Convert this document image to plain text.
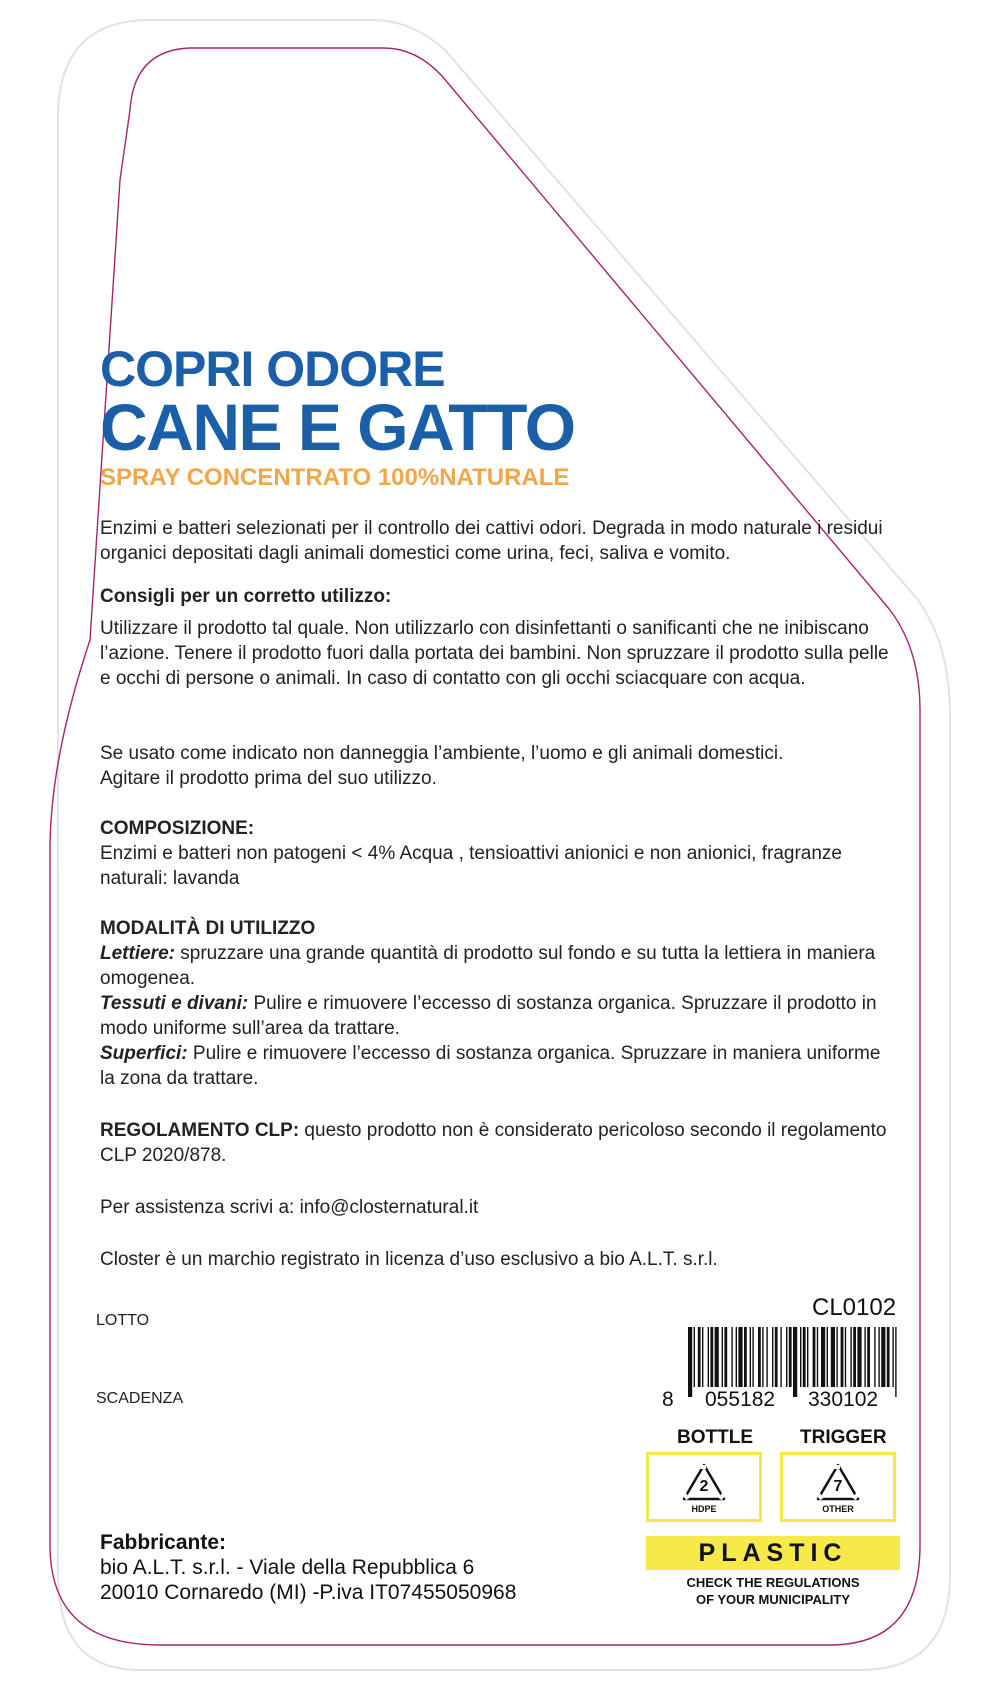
COPRI ODORE
CANE E GATTO
SPRAY CONCENTRATO 100%NATURALE
Enzimi e batteri selezionati per il controllo dei cattivi odori. Degrada in modo naturale i residui organici depositati dagli animali domestici come urina, feci, saliva e vomito.
Consigli per un corretto utilizzo:
Utilizzare il prodotto tal quale. Non utilizzarlo con disinfettanti o sanificanti che ne inibiscano l’azione. Tenere il prodotto fuori dalla portata dei bambini. Non spruzzare il prodotto sulla pelle e occhi di persone o animali. In caso di contatto con gli occhi sciacquare con acqua.

Se usato come indicato non danneggia l’ambiente, l’uomo e gli animali domestici.

Agitare il prodotto prima del suo utilizzo.

COMPOSIZIONE:
Enzimi e batteri non patogeni < 4% Acqua , tensioattivi anionici e non anionici, fragranze naturali: lavanda
MODALITÀ DI UTILIZZO

Lettiere: spruzzare una grande quantità di prodotto sul fondo e su tutta la lettiera in maniera omogenea.

Tessuti e divani: Pulire e rimuovere l’eccesso di sostanza organica. Spruzzare il prodotto in modo uniforme sull’area da trattare.

Superfici: Pulire e rimuovere l’eccesso di sostanza organica. Spruzzare in maniera uniforme la zona da trattare.

REGOLAMENTO CLP: questo prodotto non è considerato pericoloso secondo il regolamento CLP 2020/878.
Per assistenza scrivi a: info@closternatural.it
Closter è un marchio registrato in licenza d’uso esclusivo a bio A.L.T. s.r.l.
LOTTO
SCADENZA
CL0102
8 055182 330102
BOTTLE TRIGGER
2
HDPE
7
OTHER
PLASTIC
CHECK THE REGULATIONS
OF YOUR MUNICIPALITY

Fabbricante:

bio A.L.T. s.r.l. - Viale della Repubblica 6

20010 Cornaredo (MI) -P.iva IT07455050968
